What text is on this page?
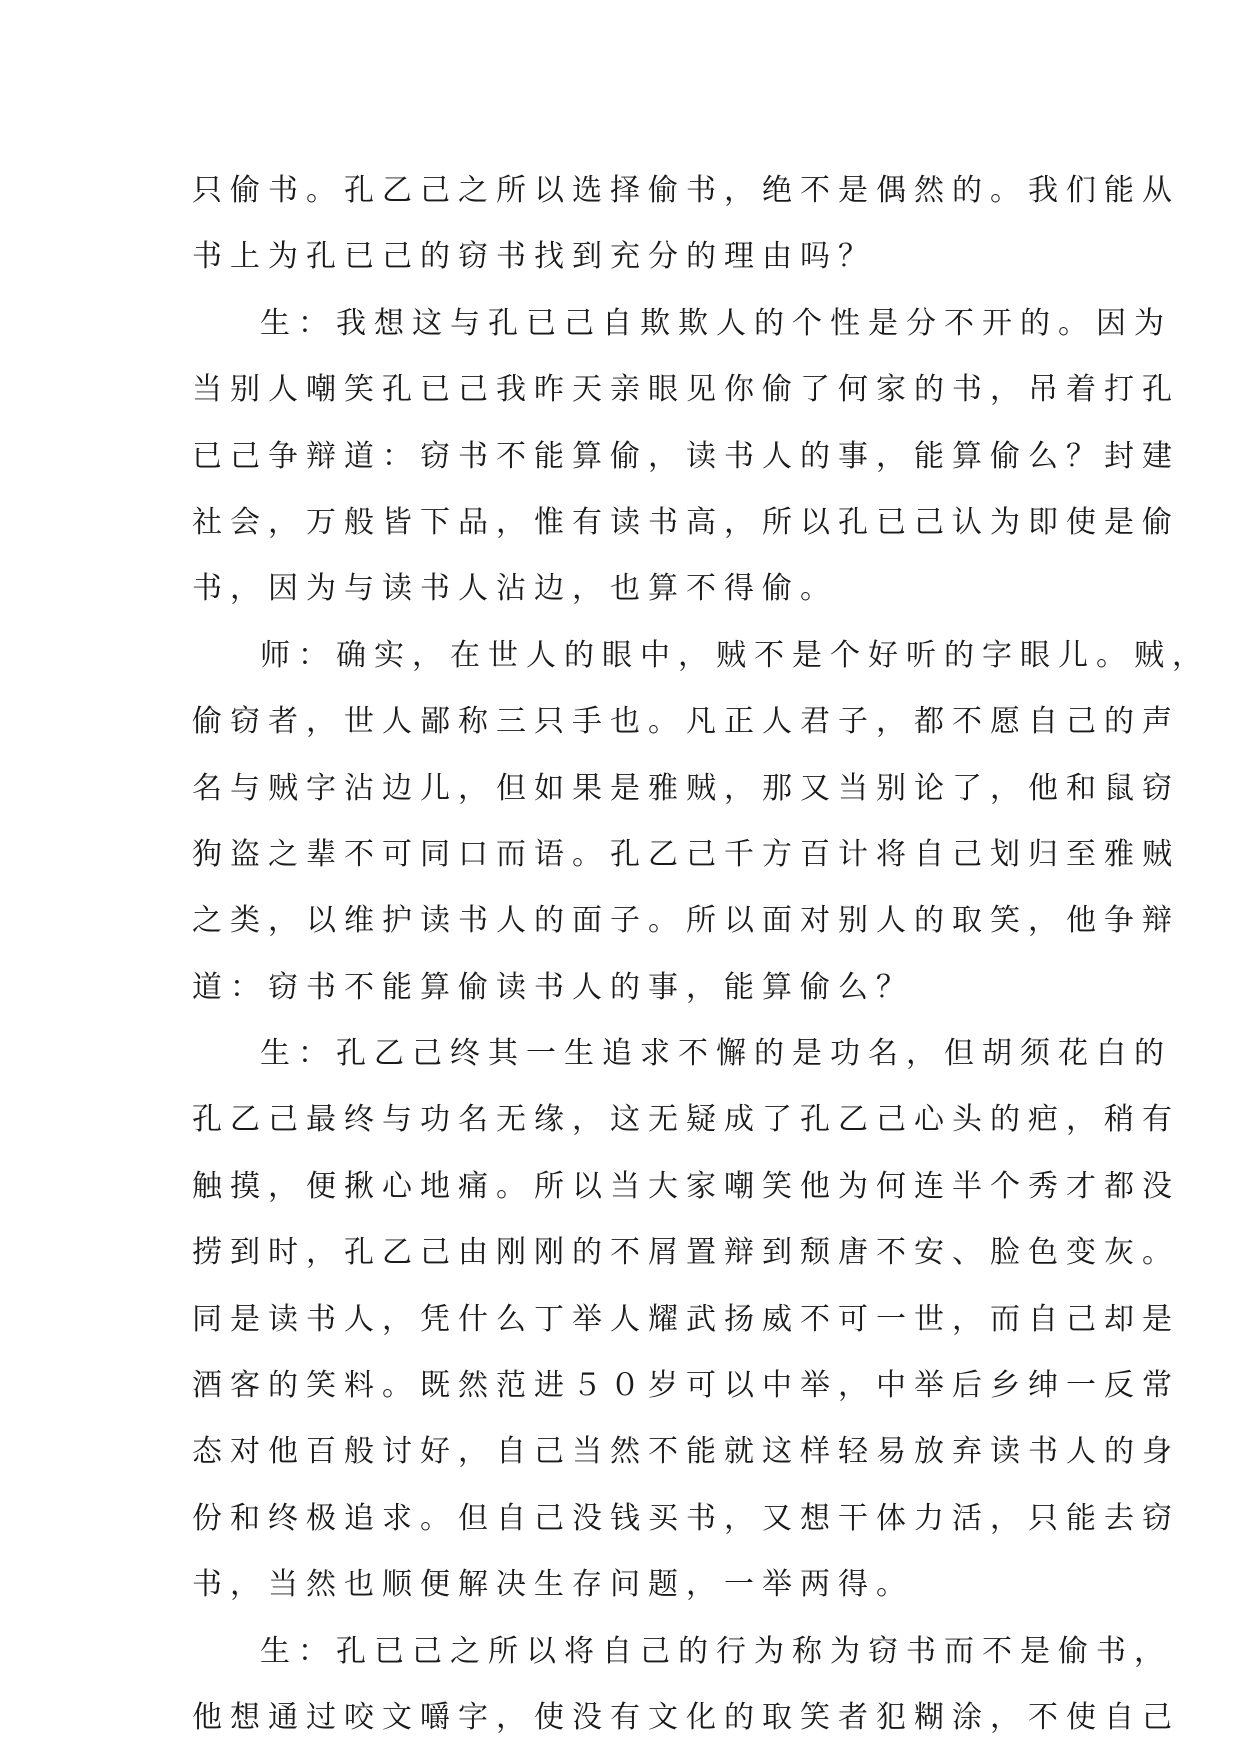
只偷书。孔乙己之所以选择偷书，绝不是偶然的。我们能从
书上为孔已己的窃书找到充分的理由吗？
生：我想这与孔已己自欺欺人的个性是分不开的。因为
当别人嘲笑孔已己我昨天亲眼见你偷了何家的书，吊着打孔
已己争辩道：窃书不能算偷，读书人的事，能算偷么？封建
社会，万般皆下品，惟有读书高，所以孔已己认为即使是偷
书，因为与读书人沾边，也算不得偷。
师：确实，在世人的眼中，贼不是个好听的字眼儿。贼，
偷窃者，世人鄙称三只手也。凡正人君子，都不愿自己的声
名与贼字沾边儿，但如果是雅贼，那又当别论了，他和鼠窃
狗盗之辈不可同口而语。孔乙己千方百计将自己划归至雅贼
之类，以维护读书人的面子。所以面对别人的取笑，他争辩
道：窃书不能算偷读书人的事，能算偷么？
生：孔乙己终其一生追求不懈的是功名，但胡须花白的
孔乙己最终与功名无缘，这无疑成了孔乙己心头的疤，稍有
触摸，便揪心地痛。所以当大家嘲笑他为何连半个秀才都没
捞到时，孔乙己由刚刚的不屑置辩到颓唐不安、脸色变灰。
同是读书人，凭什么丁举人耀武扬威不可一世，而自己却是
酒客的笑料。既然范进５０岁可以中举，中举后乡绅一反常
态对他百般讨好，自己当然不能就这样轻易放弃读书人的身
份和终极追求。但自己没钱买书，又想干体力活，只能去窃
书，当然也顺便解决生存问题，一举两得。
生：孔已己之所以将自己的行为称为窃书而不是偷书，
他想通过咬文嚼字，使没有文化的取笑者犯糊涂，不使自己
